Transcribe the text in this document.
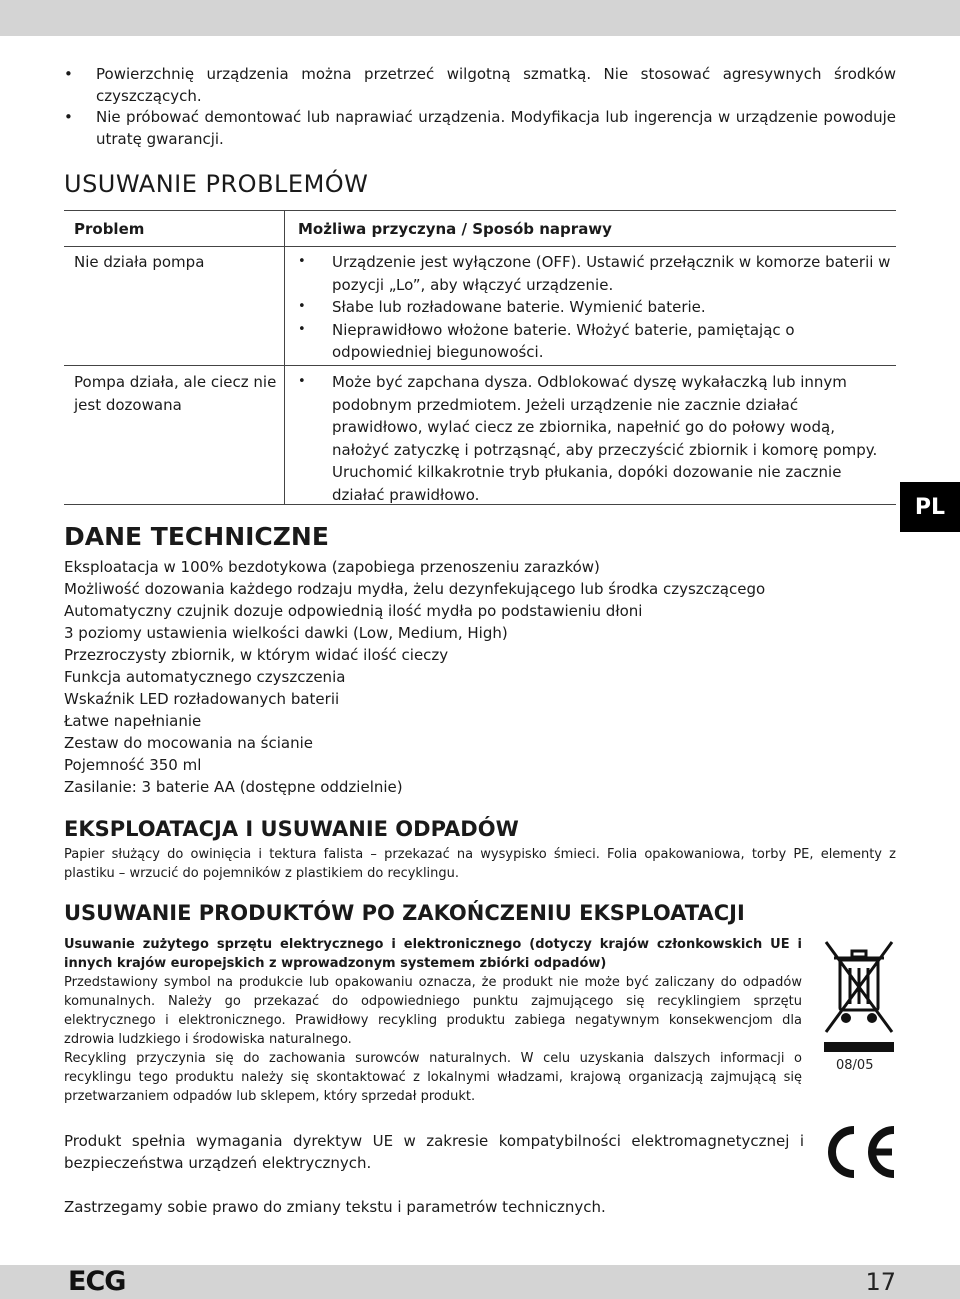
• Powierzchnię urządzenia można przetrzeć wilgotną szmatką. Nie stosować agresywnych środków czyszczących.
• Nie próbować demontować lub naprawiać urządzenia. Modyfikacja lub ingerencja w urządzenie powoduje utratę gwarancji.
USUWANIE PROBLEMÓW
Problem	Możliwa przyczyna / Sposób naprawy
Nie działa pompa
•	Urządzenie jest wyłączone (OFF). Ustawić przełącznik w komorze baterii w pozycji „Lo”, aby włączyć urządzenie.
• Słabe lub rozładowane baterie. Wymienić baterie.
• Nieprawidłowo włożone baterie. Włożyć baterie, pamiętając o odpowiedniej biegunowości.
Pompa działa, ale ciecz nie jest dozowana
• Może być zapchana dysza. Odblokować dyszę wykałaczką lub innym podobnym przedmiotem. Jeżeli urządzenie nie zacznie działać prawidłowo, wylać ciecz ze zbiornika, napełnić go do połowy wodą, nałożyć zatyczkę i potrząsnąć, aby przeczyścić zbiornik i komorę pompy. Uruchomić kilkakrotnie tryb płukania, dopóki dozowanie nie zacznie działać prawidłowo.	PL
DANE TECHNICZNE
Eksploatacja w 100% bezdotykowa (zapobiega przenoszeniu zarazków)
Możliwość dozowania każdego rodzaju mydła, żelu dezynfekującego lub środka czyszczącego
Automatyczny czujnik dozuje odpowiednią ilość mydła po podstawieniu dłoni
3 poziomy ustawienia wielkości dawki (Low, Medium, High)
Przezroczysty zbiornik, w którym widać ilość cieczy
Funkcja automatycznego czyszczenia
Wskaźnik LED rozładowanych baterii
Łatwe napełnianie
Zestaw do mocowania na ścianie
Pojemność 350 ml
Zasilanie: 3 baterie AA (dostępne oddzielnie)
EKSPLOATACJA I USUWANIE ODPADÓW

Papier służący do owinięcia i tektura falista – przekazać na wysypisko śmieci. Folia opakowaniowa, torby PE, elementy z plastiku – wrzucić do pojemników z plastikiem do recyklingu.

USUWANIE PRODUKTÓW PO ZAKOŃCZENIU EKSPLOATACJI
Usuwanie zużytego sprzętu elektrycznego i elektronicznego (dotyczy krajów członkowskich UE i innych krajów europejskich z wprowadzonym systemem zbiórki odpadów)
Przedstawiony symbol na produkcie lub opakowaniu oznacza, że produkt nie może być zaliczany do odpadów komunalnych. Należy go przekazać do odpowiedniego punktu zajmującego się recyklingiem sprzętu elektrycznego i elektronicznego. Prawidłowy recykling produktu zabiega negatywnym konsekwencjom dla zdrowia ludzkiego i środowiska naturalnego.
Recykling przyczynia się do zachowania surowców naturalnych. W celu uzyskania dalszych informacji o recyklingu tego produktu należy się skontaktować z lokalnymi władzami, krajową organizacją zajmującą się przetwarzaniem odpadów lub sklepem, który sprzedał produkt.
08/05

Produkt spełnia wymagania dyrektyw UE w zakresie kompatybilności elektromagnetycznej i bezpieczeństwa urządzeń elektrycznych.

Zastrzegamy sobie prawo do zmiany tekstu i parametrów technicznych.

ECG	17
